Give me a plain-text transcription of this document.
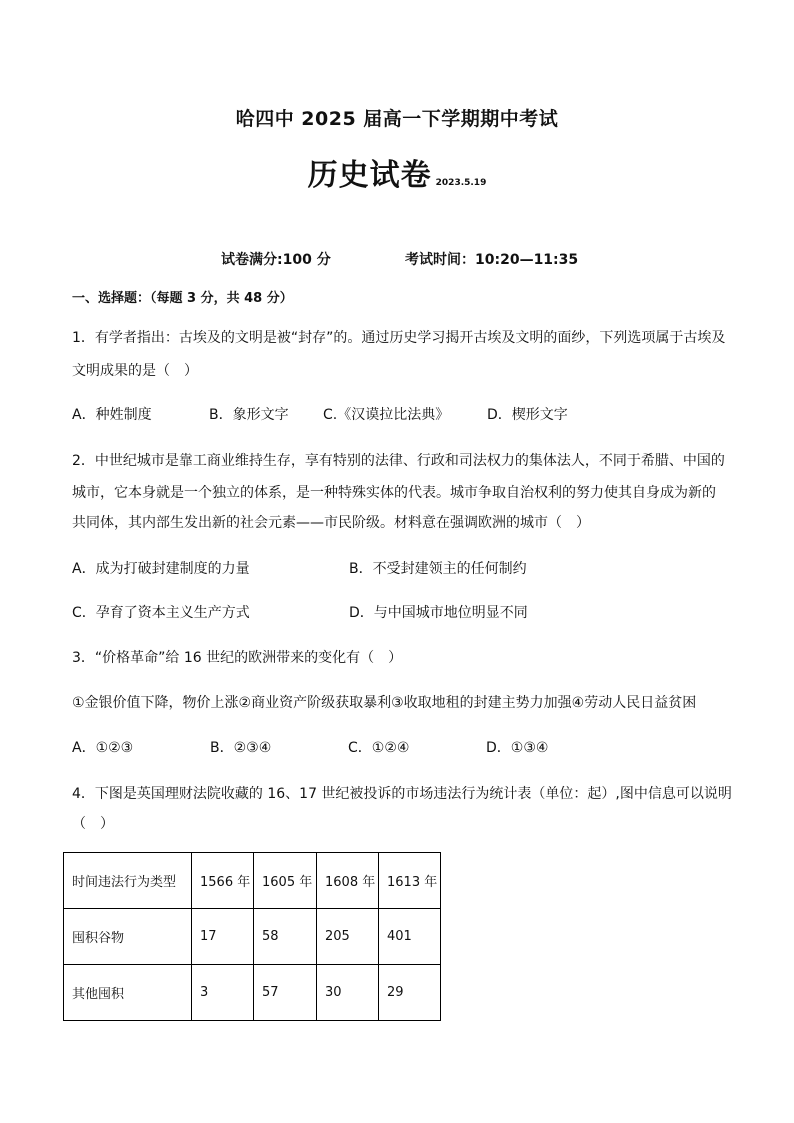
哈四中 2025 届高一下学期期中考试
历史试卷 2023.5.19
试卷满分:100 分	考试时间：10:20—11:35
一、选择题：（每题 3 分，共 48 分）
1．有学者指出：古埃及的文明是被“封存”的。通过历史学习揭开古埃及文明的面纱，下列选项属于古埃及
文明成果的是（　）
A．种姓制度	B．象形文字 C.《汉谟拉比法典》	D．楔形文字
2．中世纪城市是靠工商业维持生存，享有特别的法律、行政和司法权力的集体法人，不同于希腊、中国的
城市，它本身就是一个独立的体系，是一种特殊实体的代表。城市争取自治权利的努力使其自身成为新的
共同体，其内部生发出新的社会元素——市民阶级。材料意在强调欧洲的城市（　）
A．成为打破封建制度的力量	B．不受封建领主的任何制约
C．孕育了资本主义生产方式	D．与中国城市地位明显不同
3．“价格革命”给 16 世纪的欧洲带来的变化有（　）
①金银价值下降，物价上涨②商业资产阶级获取暴利③收取地租的封建主势力加强④劳动人民日益贫困
A．①②③	B．②③④	C．①②④	D．①③④
4．下图是英国理财法院收藏的 16、17 世纪被投诉的市场违法行为统计表（单位：起）,图中信息可以说明
（　）
时间违法行为类型	1566 年	1605 年	1608 年	1613 年
囤积谷物	17	58	205	401
其他囤积	3	57	30	29
